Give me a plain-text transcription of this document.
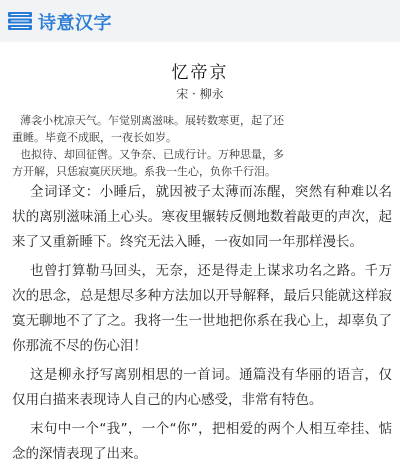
诗意汉字
忆帝京
宋 · 柳永
薄衾小枕凉天气。乍觉别离滋味。展转数寒更，起了还
重睡。毕竟不成眠，一夜长如岁。
也拟待、却回征辔。又争奈、已成行计。万种思量，多
方开解，只恁寂寞厌厌地。系我一生心，负你千行泪。

全词译文：小睡后，就因被子太薄而冻醒，突然有种难以名状的离别滋味涌上心头。寒夜里辗转反侧地数着敲更的声次，起来了又重新睡下。终究无法入睡，一夜如同一年那样漫长。

也曾打算勒马回头，无奈，还是得走上谋求功名之路。千万次的思念，总是想尽多种方法加以开导解释，最后只能就这样寂寞无聊地不了了之。我将一生一世地把你系在我心上，却辜负了你那流不尽的伤心泪！

这是柳永抒写离别相思的一首词。通篇没有华丽的语言，仅仅用白描来表现诗人自己的内心感受，非常有特色。

末句中一个“我”，一个“你”，把相爱的两个人相互牵挂、惦念的深情表现了出来。
